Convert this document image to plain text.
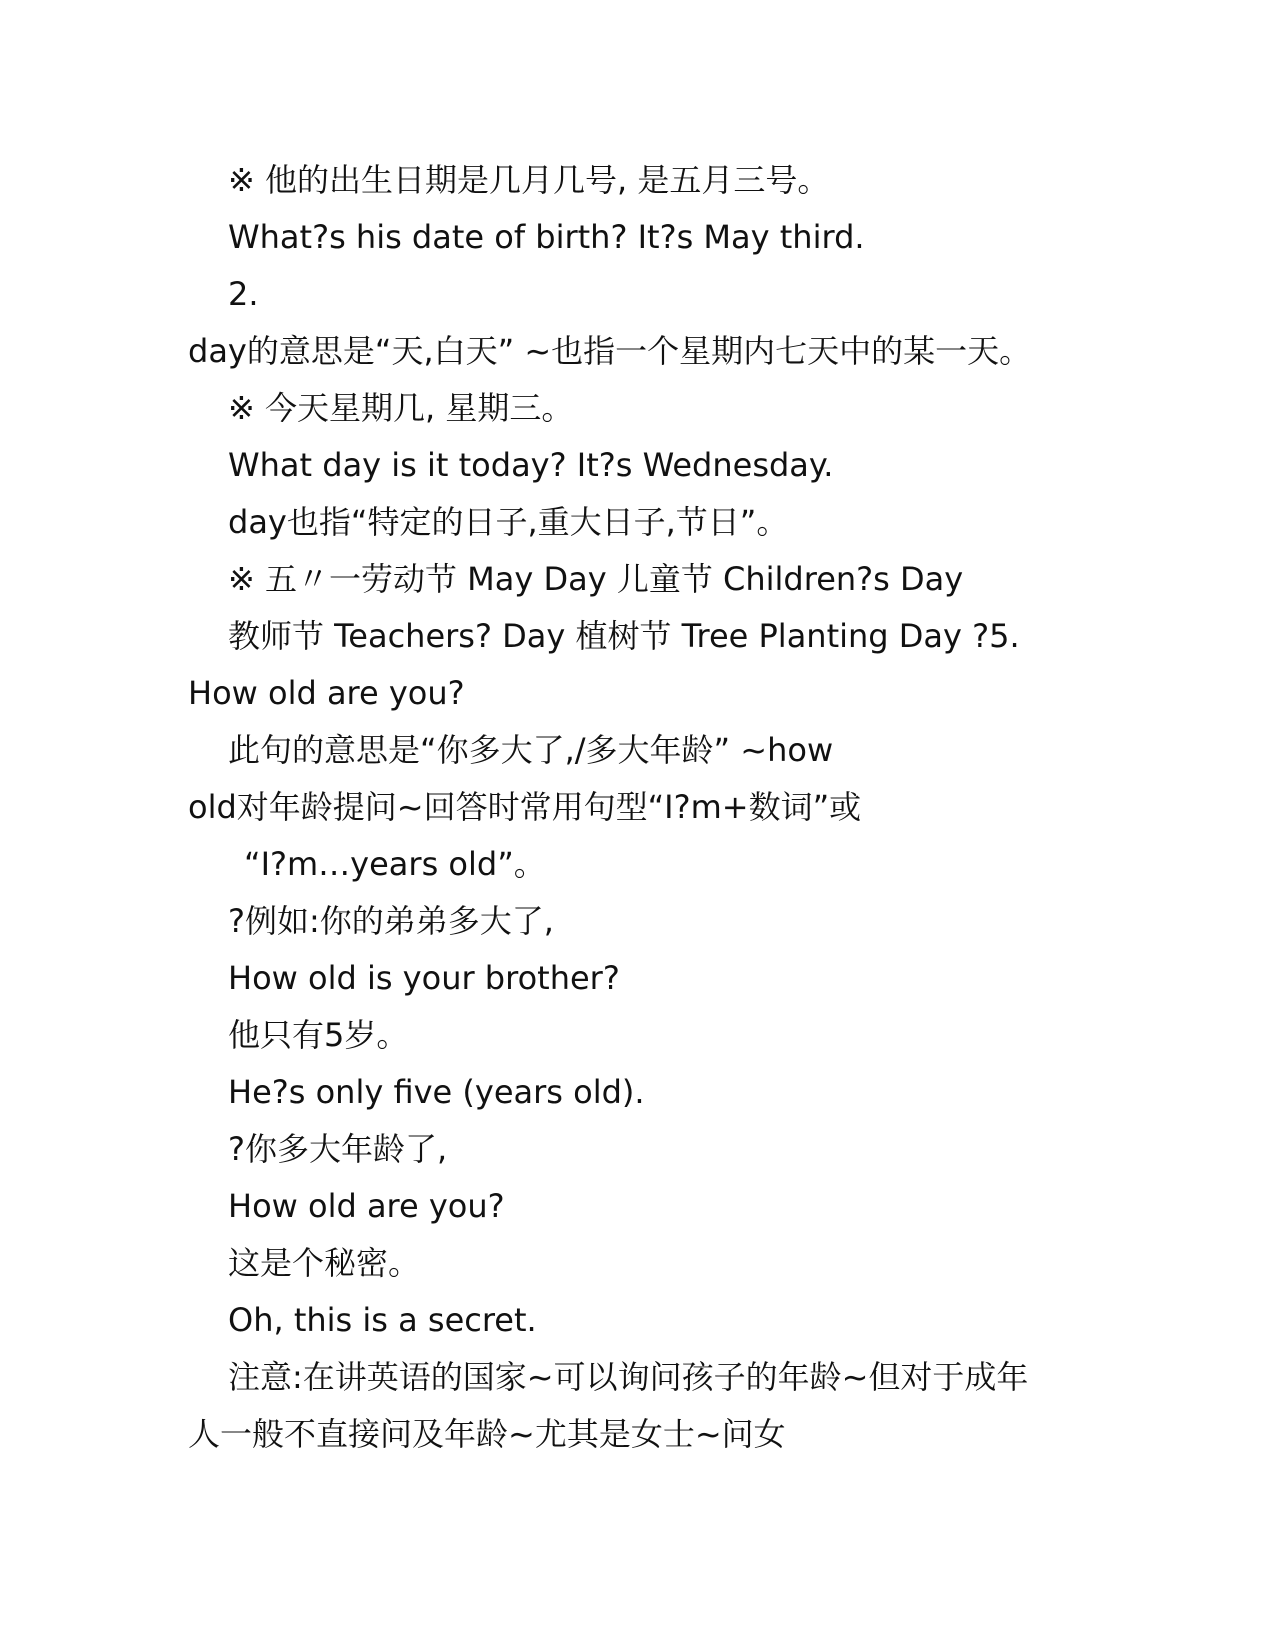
※ 他的出生日期是几月几号, 是五月三号。
What?s his date of birth? It?s May third.
2.
day的意思是“天,白天” ~也指一个星期内七天中的某一天。
※ 今天星期几, 星期三。
What day is it today? It?s Wednesday.
day也指“特定的日子,重大日子,节日”。
※ 五〃一劳动节 May Day 儿童节 Children?s Day
教师节 Teachers? Day 植树节 Tree Planting Day ?5.
How old are you?
此句的意思是“你多大了,/多大年龄” ~how
old对年龄提问~回答时常用句型“I?m+数词”或
“I?m…years old”。
?例如:你的弟弟多大了,
How old is your brother?
他只有5岁。
He?s only five (years old).
?你多大年龄了,
How old are you?
这是个秘密。
Oh, this is a secret.
注意:在讲英语的国家~可以询问孩子的年龄~但对于成年
人一般不直接问及年龄~尤其是女士~问女
